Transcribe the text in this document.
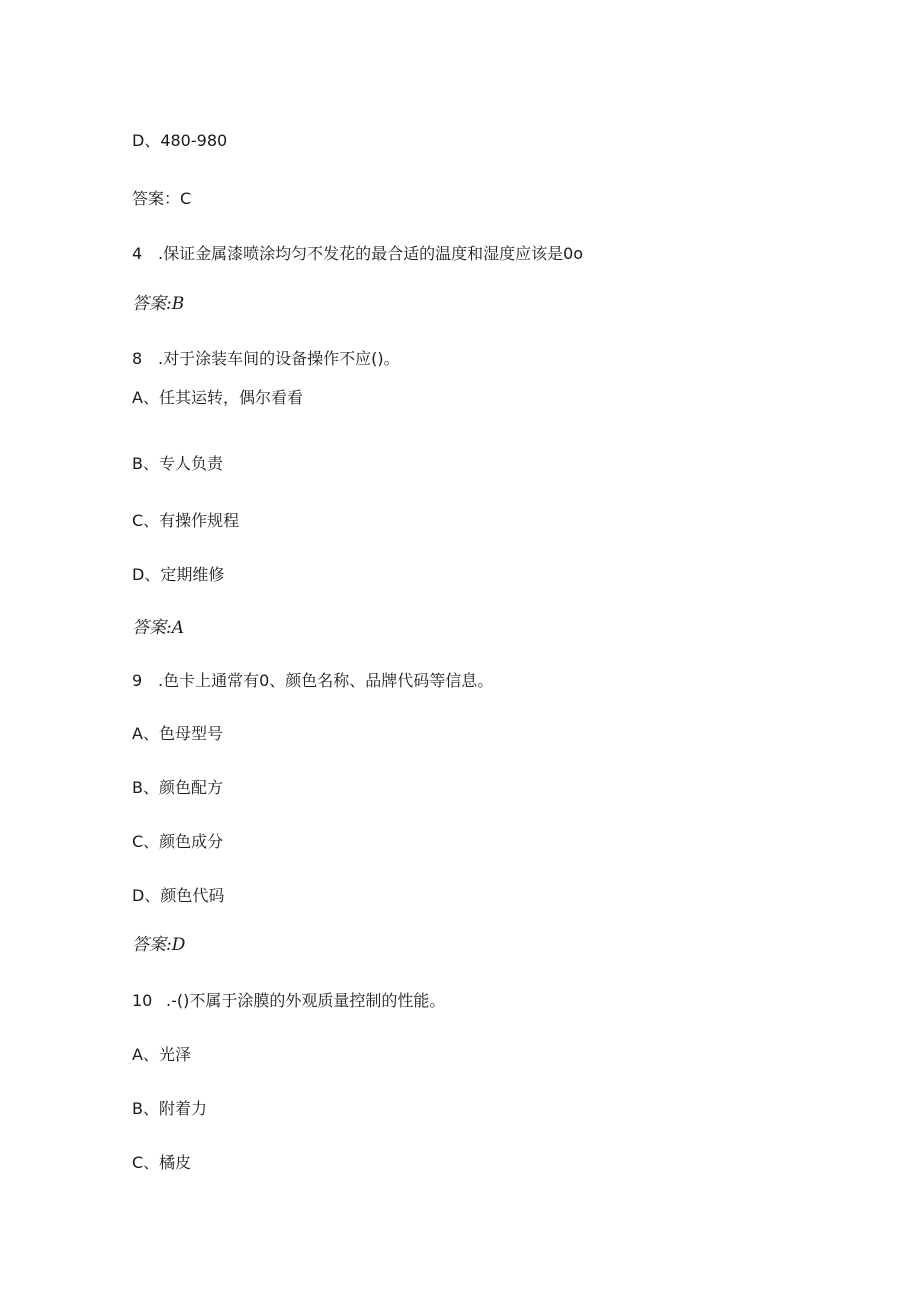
D、480-980
答案：C
4 .保证金属漆喷涂均匀不发花的最合适的温度和湿度应该是0o
答案:B
8 .对于涂装车间的设备操作不应()。
A、任其运转，偶尔看看
B、专人负责
C、有操作规程
D、定期维修
答案:A
9 .色卡上通常有0、颜色名称、品牌代码等信息。
A、色母型号
B、颜色配方
C、颜色成分
D、颜色代码
答案:D
10 .-()不属于涂膜的外观质量控制的性能。
A、光泽
B、附着力
C、橘皮
